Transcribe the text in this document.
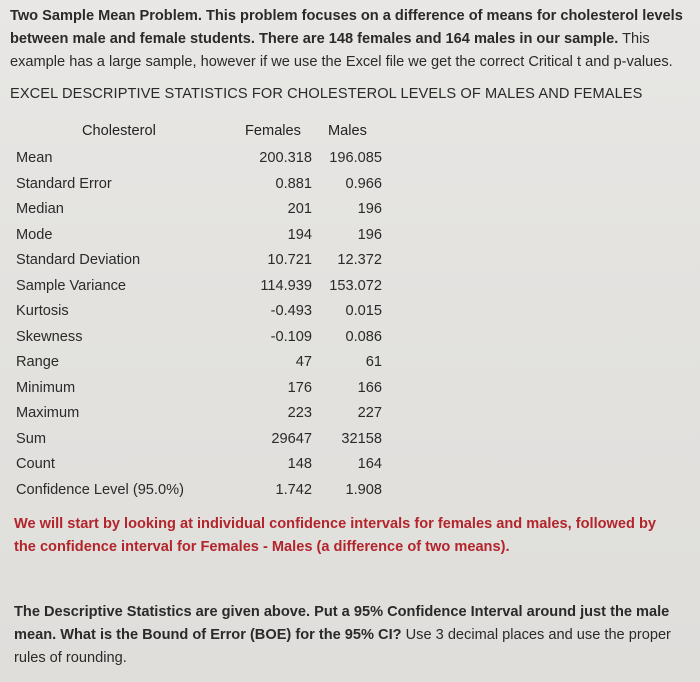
Two Sample Mean Problem. This problem focuses on a difference of means for cholesterol levels between male and female students. There are 148 females and 164 males in our sample. This example has a large sample, however if we use the Excel file we get the correct Critical t and p-values.
EXCEL DESCRIPTIVE STATISTICS FOR CHOLESTEROL LEVELS OF MALES AND FEMALES
Cholesterol	Females Males
Mean	200.318 196.085
Standard Error	0.881 0.966
Median	201	196
Mode	194	196
Standard Deviation	10.721 12.372
Sample Variance	114.939 153.072
Kurtosis	-0.493 0.015
Skewness	-0.109 0.086
Range	47	61
Minimum	176	166
Maximum	223	227
Sum	29647 32158
Count	148	164
Confidence Level (95.0%)	1.742 1.908
We will start by looking at individual confidence intervals for females and males, followed by the confidence interval for Females - Males (a difference of two means).
The Descriptive Statistics are given above. Put a 95% Confidence Interval around just the male mean. What is the Bound of Error (BOE) for the 95% CI? Use 3 decimal places and use the proper rules of rounding.
